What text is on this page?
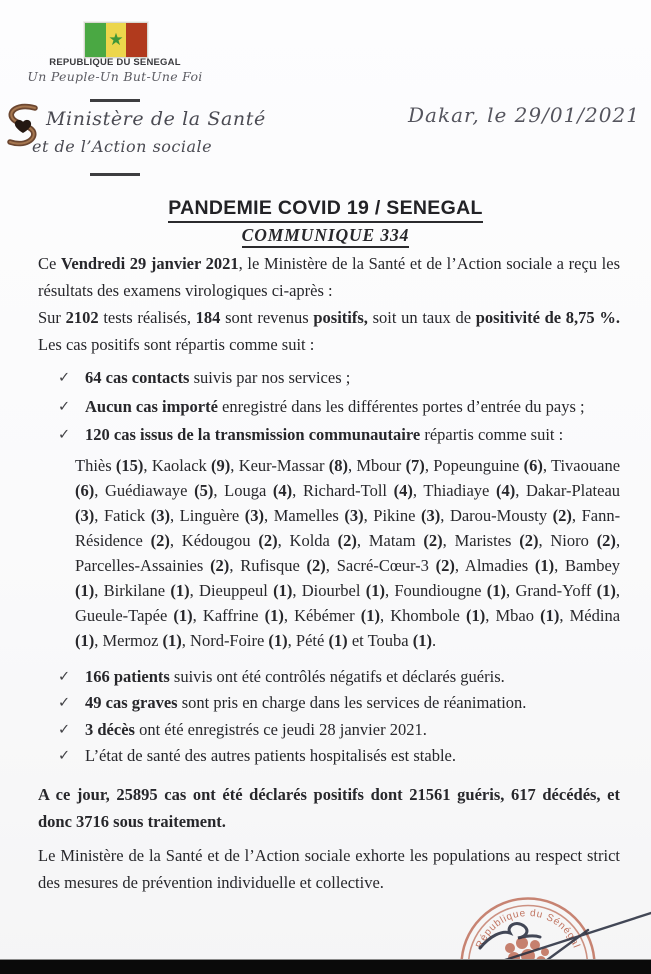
★
REPUBLIQUE DU SENEGAL
Un Peuple-Un But-Une Foi
Ministère de la Santé
et de l’Action sociale
Dakar, le 29/01/2021
PANDEMIE COVID 19 / SENEGAL
COMMUNIQUE 334

Ce Vendredi 29 janvier 2021, le Ministère de la Santé et de l’Action sociale a reçu les résultats des examens virologiques ci-après :

Sur 2102 tests réalisés, 184 sont revenus positifs, soit un taux de positivité de 8,75 %. Les cas positifs sont répartis comme suit :

✓ 64 cas contacts suivis par nos services ;
✓ Aucun cas importé enregistré dans les différentes portes d’entrée du pays ;
✓ 120 cas issus de la transmission communautaire répartis comme suit :
Thiès (15), Kaolack (9), Keur-Massar (8), Mbour (7), Popeunguine (6), Tivaouane (6), Guédiawaye (5), Louga (4), Richard-Toll (4), Thiadiaye (4), Dakar-Plateau (3), Fatick (3), Linguère (3), Mamelles (3), Pikine (3), Darou-Mousty (2), Fann-Résidence (2), Kédougou (2), Kolda (2), Matam (2), Maristes (2), Nioro (2), Parcelles-Assainies (2), Rufisque (2), Sacré-Cœur-3 (2), Almadies (1), Bambey (1), Birkilane (1), Dieuppeul (1), Diourbel (1), Foundiougne (1), Grand-Yoff (1), Gueule-Tapée (1), Kaffrine (1), Kébémer (1), Khombole (1), Mbao (1), Médina (1), Mermoz (1), Nord-Foire (1), Pété (1) et Touba (1).
✓ 166 patients suivis ont été contrôlés négatifs et déclarés guéris.
✓ 49 cas graves sont pris en charge dans les services de réanimation.
✓ 3 décès ont été enregistrés ce jeudi 28 janvier 2021.
✓ L’état de santé des autres patients hospitalisés est stable.

A ce jour, 25895 cas ont été déclarés positifs dont 21561 guéris, 617 décédés, et donc 3716 sous traitement.

Le Ministère de la Santé et de l’Action sociale exhorte les populations au respect strict des mesures de prévention individuelle et collective.

République du Sénégal
